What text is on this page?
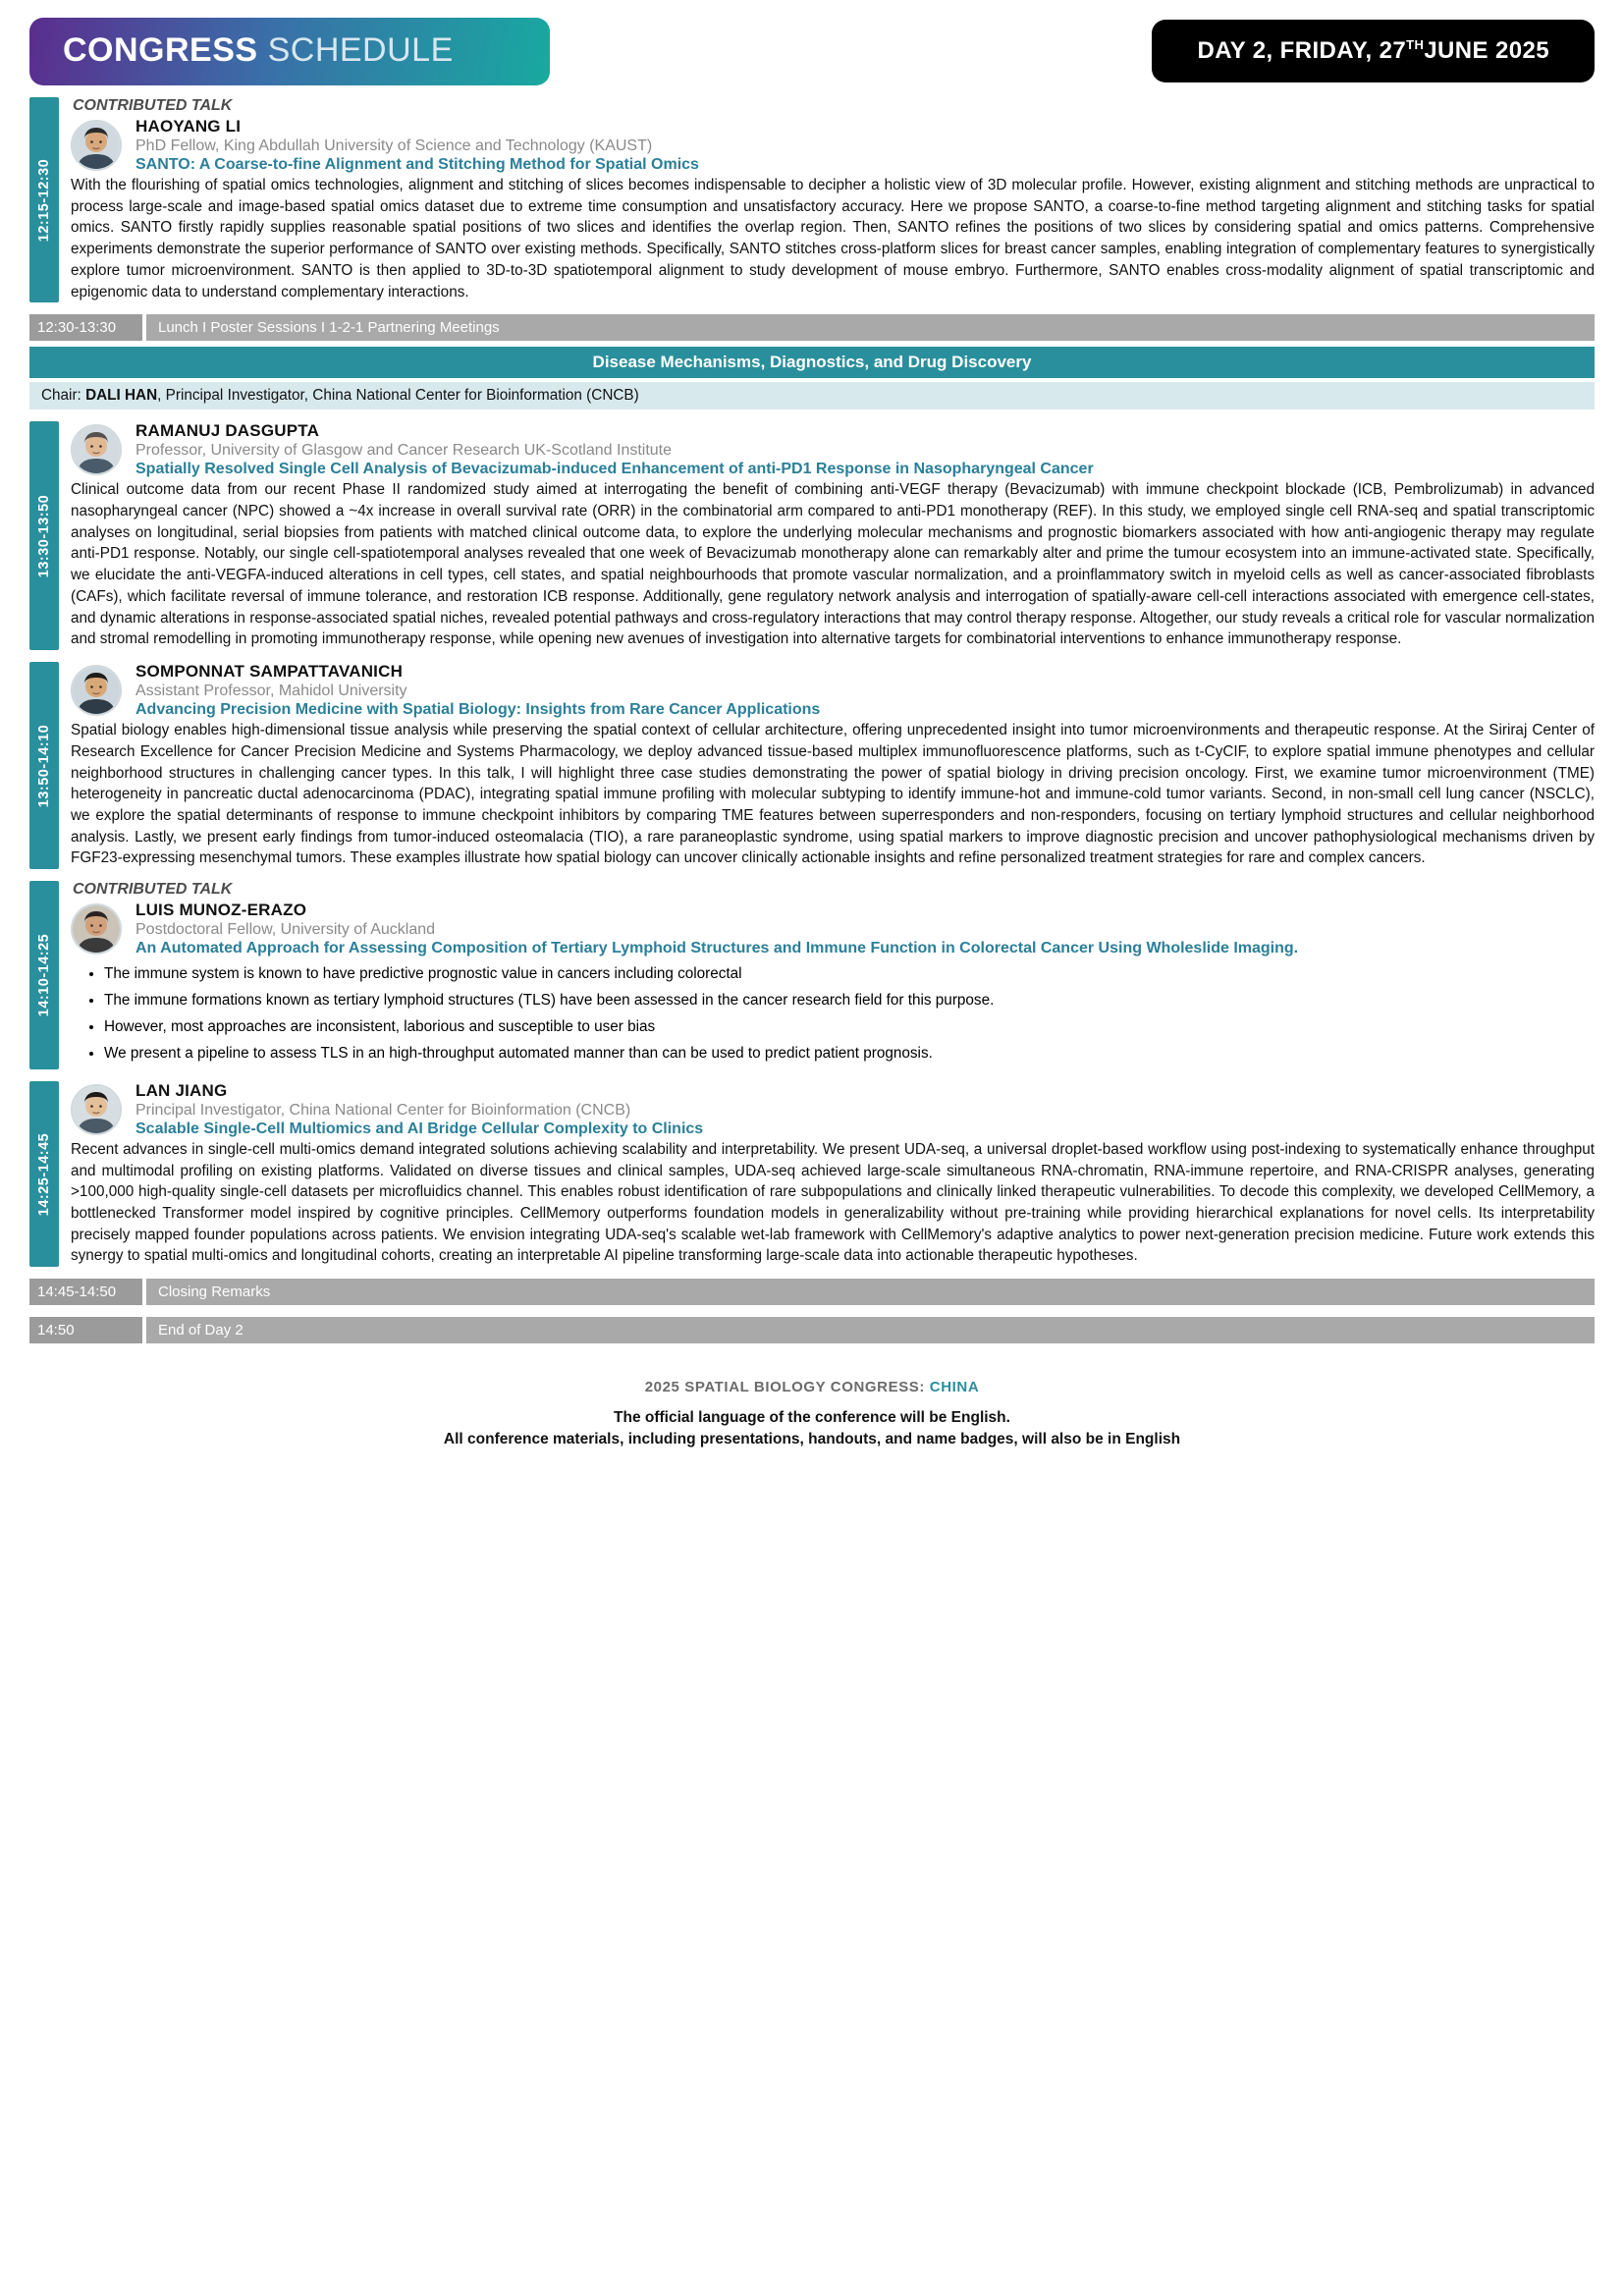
CONGRESS SCHEDULE	DAY 2, FRIDAY, 27THJUNE 2025
12:15-12:30
CONTRIBUTED TALK
HAOYANG LI
PhD Fellow, King Abdullah University of Science and Technology (KAUST)
SANTO: A Coarse-to-fine Alignment and Stitching Method for Spatial Omics
With the flourishing of spatial omics technologies, alignment and stitching of slices becomes indispensable to decipher a holistic view of 3D molecular profile. However, existing alignment and stitching methods are unpractical to process large-scale and image-based spatial omics dataset due to extreme time consumption and unsatisfactory accuracy. Here we propose SANTO, a coarse-to-fine method targeting alignment and stitching tasks for spatial omics. SANTO firstly rapidly supplies reasonable spatial positions of two slices and identifies the overlap region. Then, SANTO refines the positions of two slices by considering spatial and omics patterns. Comprehensive experiments demonstrate the superior performance of SANTO over existing methods. Specifically, SANTO stitches cross-platform slices for breast cancer samples, enabling integration of complementary features to synergistically explore tumor microenvironment. SANTO is then applied to 3D-to-3D spatiotemporal alignment to study development of mouse embryo. Furthermore, SANTO enables cross-modality alignment of spatial transcriptomic and epigenomic data to understand complementary interactions.
12:30-13:30	Lunch I Poster Sessions I 1-2-1 Partnering Meetings
Disease Mechanisms, Diagnostics, and Drug Discovery
Chair: DALI HAN, Principal Investigator, China National Center for Bioinformation (CNCB)
13:30-13:50
RAMANUJ DASGUPTA
Professor, University of Glasgow and Cancer Research UK-Scotland Institute
Spatially Resolved Single Cell Analysis of Bevacizumab-induced Enhancement of anti-PD1 Response in Nasopharyngeal Cancer
Clinical outcome data from our recent Phase II randomized study aimed at interrogating the benefit of combining anti-VEGF therapy (Bevacizumab) with immune checkpoint blockade (ICB, Pembrolizumab) in advanced nasopharyngeal cancer (NPC) showed a ~4x increase in overall survival rate (ORR) in the combinatorial arm compared to anti-PD1 monotherapy (REF). In this study, we employed single cell RNA-seq and spatial transcriptomic analyses on longitudinal, serial biopsies from patients with matched clinical outcome data, to explore the underlying molecular mechanisms and prognostic biomarkers associated with how anti-angiogenic therapy may regulate anti-PD1 response. Notably, our single cell-spatiotemporal analyses revealed that one week of Bevacizumab monotherapy alone can remarkably alter and prime the tumour ecosystem into an immune-activated state. Specifically, we elucidate the anti-VEGFA-induced alterations in cell types, cell states, and spatial neighbourhoods that promote vascular normalization, and a proinflammatory switch in myeloid cells as well as cancer-associated fibroblasts (CAFs), which facilitate reversal of immune tolerance, and restoration ICB response. Additionally, gene regulatory network analysis and interrogation of spatially-aware cell-cell interactions associated with emergence cell-states, and dynamic alterations in response-associated spatial niches, revealed potential pathways and cross-regulatory interactions that may control therapy response. Altogether, our study reveals a critical role for vascular normalization and stromal remodelling in promoting immunotherapy response, while opening new avenues of investigation into alternative targets for combinatorial interventions to enhance immunotherapy response.
13:50-14:10
SOMPONNAT SAMPATTAVANICH
Assistant Professor, Mahidol University
Advancing Precision Medicine with Spatial Biology: Insights from Rare Cancer Applications
Spatial biology enables high-dimensional tissue analysis while preserving the spatial context of cellular architecture, offering unprecedented insight into tumor microenvironments and therapeutic response. At the Siriraj Center of Research Excellence for Cancer Precision Medicine and Systems Pharmacology, we deploy advanced tissue-based multiplex immunofluorescence platforms, such as t-CyCIF, to explore spatial immune phenotypes and cellular neighborhood structures in challenging cancer types. In this talk, I will highlight three case studies demonstrating the power of spatial biology in driving precision oncology. First, we examine tumor microenvironment (TME) heterogeneity in pancreatic ductal adenocarcinoma (PDAC), integrating spatial immune profiling with molecular subtyping to identify immune-hot and immune-cold tumor variants. Second, in non-small cell lung cancer (NSCLC), we explore the spatial determinants of response to immune checkpoint inhibitors by comparing TME features between superresponders and non-responders, focusing on tertiary lymphoid structures and cellular neighborhood analysis. Lastly, we present early findings from tumor-induced osteomalacia (TIO), a rare paraneoplastic syndrome, using spatial markers to improve diagnostic precision and uncover pathophysiological mechanisms driven by FGF23-expressing mesenchymal tumors. These examples illustrate how spatial biology can uncover clinically actionable insights and refine personalized treatment strategies for rare and complex cancers.
14:10-14:25
CONTRIBUTED TALK
LUIS MUNOZ-ERAZO
Postdoctoral Fellow, University of Auckland
An Automated Approach for Assessing Composition of Tertiary Lymphoid Structures and Immune Function in Colorectal Cancer Using Wholeslide Imaging.
• The immune system is known to have predictive prognostic value in cancers including colorectal
• The immune formations known as tertiary lymphoid structures (TLS) have been assessed in the cancer research field for this purpose.
• However, most approaches are inconsistent, laborious and susceptible to user bias
• We present a pipeline to assess TLS in an high-throughput automated manner than can be used to predict patient prognosis.
14:25-14:45
LAN JIANG
Principal Investigator, China National Center for Bioinformation (CNCB)
Scalable Single-Cell Multiomics and AI Bridge Cellular Complexity to Clinics
Recent advances in single-cell multi-omics demand integrated solutions achieving scalability and interpretability. We present UDA-seq, a universal droplet-based workflow using post-indexing to systematically enhance throughput and multimodal profiling on existing platforms. Validated on diverse tissues and clinical samples, UDA-seq achieved large-scale simultaneous RNA-chromatin, RNA-immune repertoire, and RNA-CRISPR analyses, generating >100,000 high-quality single-cell datasets per microfluidics channel. This enables robust identification of rare subpopulations and clinically linked therapeutic vulnerabilities. To decode this complexity, we developed CellMemory, a bottlenecked Transformer model inspired by cognitive principles. CellMemory outperforms foundation models in generalizability without pre-training while providing hierarchical explanations for novel cells. Its interpretability precisely mapped founder populations across patients. We envision integrating UDA-seq's scalable wet-lab framework with CellMemory's adaptive analytics to power next-generation precision medicine. Future work extends this synergy to spatial multi-omics and longitudinal cohorts, creating an interpretable AI pipeline transforming large-scale data into actionable therapeutic hypotheses.
14:45-14:50	Closing Remarks
14:50	End of Day 2
2025 SPATIAL BIOLOGY CONGRESS: CHINA
The official language of the conference will be English.
All conference materials, including presentations, handouts, and name badges, will also be in English
